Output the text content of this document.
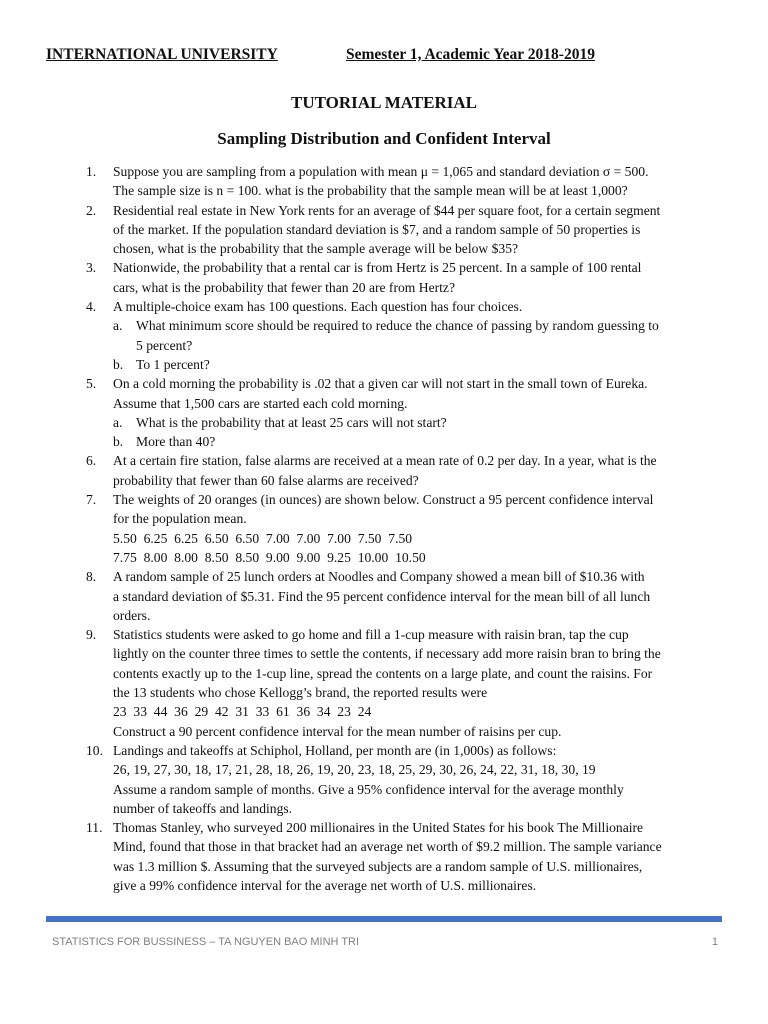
INTERNATIONAL UNIVERSITY	Semester 1, Academic Year 2018-2019
TUTORIAL MATERIAL
Sampling Distribution and Confident Interval
1. Suppose you are sampling from a population with mean μ = 1,065 and standard deviation σ = 500.
The sample size is n = 100. what is the probability that the sample mean will be at least 1,000?
2. Residential real estate in New York rents for an average of $44 per square foot, for a certain segment
of the market. If the population standard deviation is $7, and a random sample of 50 properties is
chosen, what is the probability that the sample average will be below $35?
3. Nationwide, the probability that a rental car is from Hertz is 25 percent. In a sample of 100 rental
cars, what is the probability that fewer than 20 are from Hertz?
4. A multiple-choice exam has 100 questions. Each question has four choices.
a. What minimum score should be required to reduce the chance of passing by random guessing to
5 percent?
b. To 1 percent?
5. On a cold morning the probability is .02 that a given car will not start in the small town of Eureka.
Assume that 1,500 cars are started each cold morning.
a. What is the probability that at least 25 cars will not start?
b. More than 40?
6. At a certain fire station, false alarms are received at a mean rate of 0.2 per day. In a year, what is the
probability that fewer than 60 false alarms are received?
7. The weights of 20 oranges (in ounces) are shown below. Construct a 95 percent confidence interval
for the population mean.
5.50  6.25  6.25  6.50  6.50  7.00  7.00  7.00  7.50  7.50
7.75  8.00  8.00  8.50  8.50  9.00  9.00  9.25  10.00  10.50
8. A random sample of 25 lunch orders at Noodles and Company showed a mean bill of $10.36 with
a standard deviation of $5.31. Find the 95 percent confidence interval for the mean bill of all lunch
orders.
9. Statistics students were asked to go home and fill a 1-cup measure with raisin bran, tap the cup
lightly on the counter three times to settle the contents, if necessary add more raisin bran to bring the
contents exactly up to the 1-cup line, spread the contents on a large plate, and count the raisins. For
the 13 students who chose Kellogg’s brand, the reported results were
23  33  44  36  29  42  31  33  61  36  34  23  24
Construct a 90 percent confidence interval for the mean number of raisins per cup.
10. Landings and takeoffs at Schiphol, Holland, per month are (in 1,000s) as follows:
26, 19, 27, 30, 18, 17, 21, 28, 18, 26, 19, 20, 23, 18, 25, 29, 30, 26, 24, 22, 31, 18, 30, 19
Assume a random sample of months. Give a 95% confidence interval for the average monthly
number of takeoffs and landings.
11. Thomas Stanley, who surveyed 200 millionaires in the United States for his book The Millionaire
Mind, found that those in that bracket had an average net worth of $9.2 million. The sample variance
was 1.3 million $. Assuming that the surveyed subjects are a random sample of U.S. millionaires,
give a 99% confidence interval for the average net worth of U.S. millionaires.
STATISTICS FOR BUSSINESS – TA NGUYEN BAO MINH TRI	1
